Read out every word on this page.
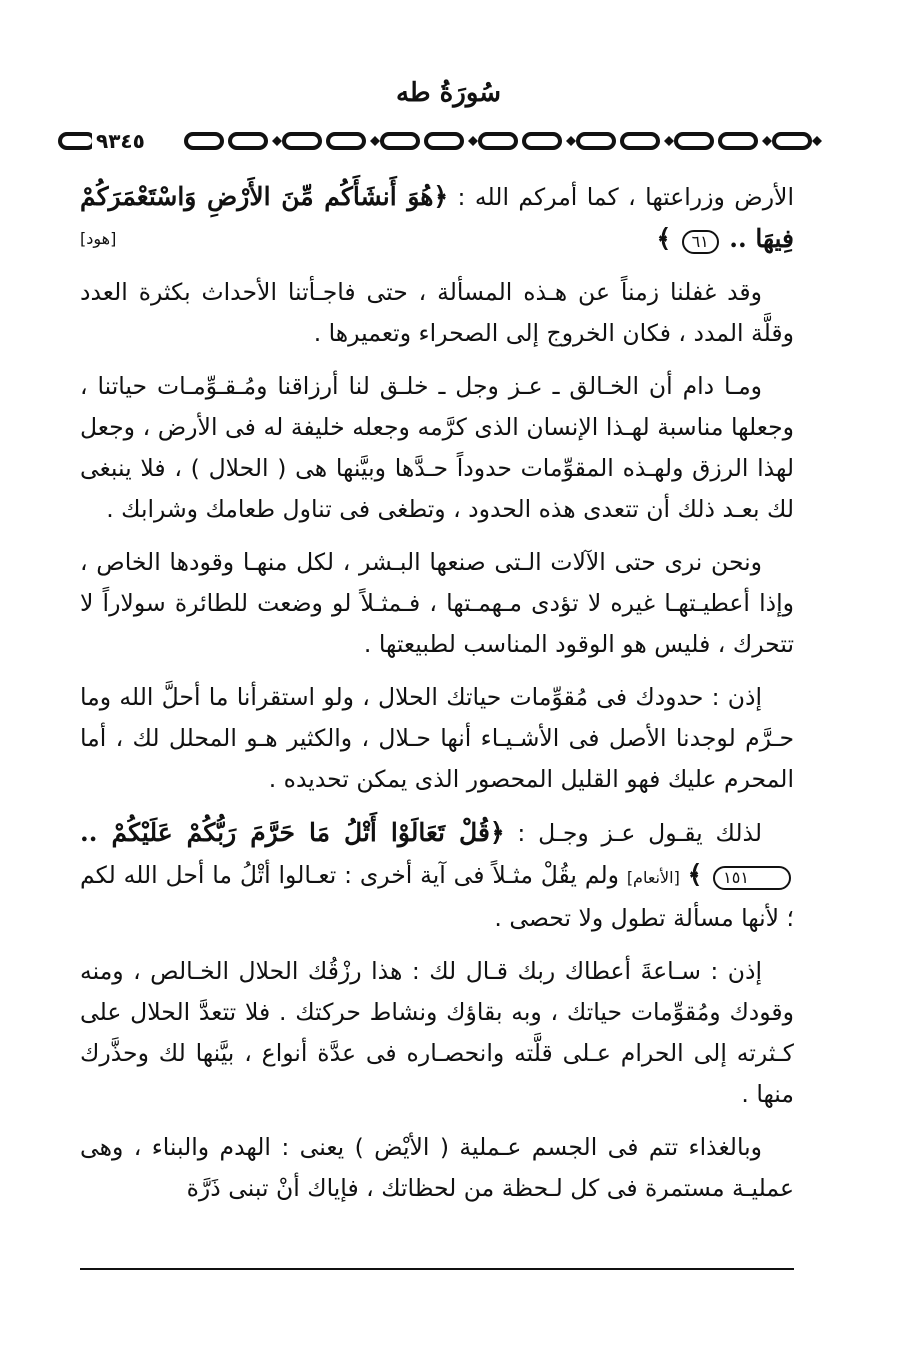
سُورَةُ طه
٩٣٤٥

الأرض وزراعتها ، كما أمركم الله : ﴿هُوَ أَنشَأَكُم مِّنَ الأَرْضِ وَاسْتَعْمَرَكُمْ فِيهَا .. ٦١ ﴾
[هود]

وقد غفلنا زمناً عن هـذه المسألة ، حتى فاجـأتنا الأحداث بكثرة العدد وقلَّة المدد ، فكان الخروج إلى الصحراء وتعميرها .

ومـا دام أن الخـالق ـ عـز وجل ـ خلـق لنا أرزاقنا ومُـقـوِّمـات حياتنا ، وجعلها مناسبة لهـذا الإنسان الذى كرَّمه وجعله خليفة له فى الأرض ، وجعل لهذا الرزق ولهـذه المقوِّمات حدوداً حـدَّها وبيَّنها هى ( الحلال ) ، فلا ينبغى لك بعـد ذلك أن تتعدى هذه الحدود ، وتطغى فى تناول طعامك وشرابك .

ونحن نرى حتى الآلات الـتى صنعها البـشر ، لكل منهـا وقودها الخاص ، وإذا أعطيـتهـا غيره لا تؤدى مـهمـتها ، فـمثـلاً لو وضعت للطائرة سولاراً لا تتحرك ، فليس هو الوقود المناسب لطبيعتها .

إذن : حدودك فى مُقوِّمات حياتك الحلال ، ولو استقرأنا ما أحلَّ الله وما حـرَّم لوجدنا الأصل فى الأشـيـاء أنها حـلال ، والكثير هـو المحلل لك ، أما المحرم عليك فهو القليل المحصور الذى يمكن تحديده .

لذلك يقـول عـز وجـل : ﴿قُلْ تَعَالَوْا أَتْلُ مَا حَرَّمَ رَبُّكُمْ عَلَيْكُمْ .. ١٥١ ﴾ [الأنعام] ولم يقُلْ مثـلاً فى آية أخرى : تعـالوا أتْلُ ما أحل الله لكم ؛ لأنها مسألة تطول ولا تحصى .

إذن : سـاعةَ أعطاك ربك قـال لك : هذا رزْقُك الحلال الخـالص ، ومنه وقودك ومُقوِّمات حياتك ، وبه بقاؤك ونشاط حركتك . فلا تتعدَّ الحلال على كـثرته إلى الحرام عـلى قلَّته وانحصـاره فى عدَّة أنواع ، بيَّنها لك وحذَّرك منها .

وبالغذاء تتم فى الجسم عـملية ( الأيْض ) يعنى : الهدم والبناء ، وهى عمليـة مستمرة فى كل لـحظة من لحظاتك ، فإياك أنْ تبنى ذَرَّة
